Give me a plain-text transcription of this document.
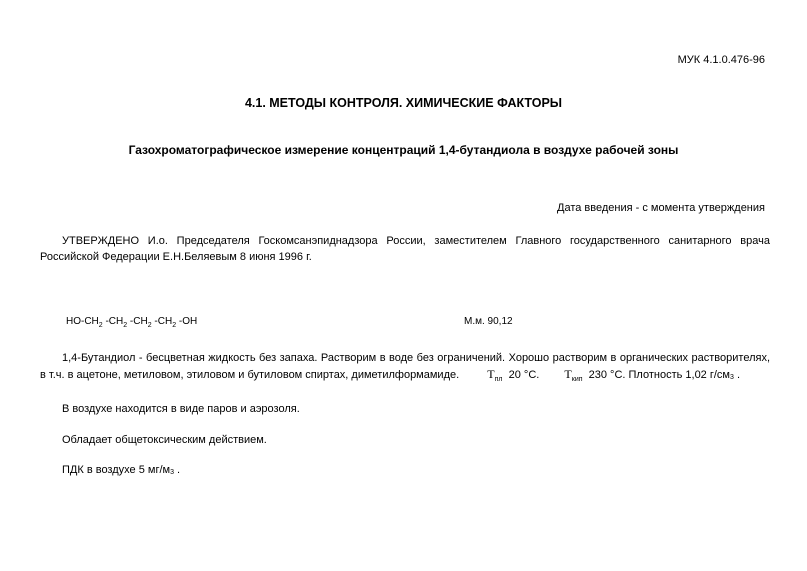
МУК 4.1.0.476-96
4.1. МЕТОДЫ КОНТРОЛЯ. ХИМИЧЕСКИЕ ФАКТОРЫ
Газохроматографическое измерение концентраций 1,4-бутандиола в воздухе рабочей зоны
Дата введения - с момента утверждения
УТВЕРЖДЕНО И.о. Председателя Госкомсанэпиднадзора России, заместителем Главного государственного санитарного врача Российской Федерации Е.Н.Беляевым 8 июня 1996 г.
$HO-CH_2$ $-CH_2$ $-CH_2$ $-CH_2$ -OH	М.м. 90,12
1,4-Бутандиол - бесцветная жидкость без запаха. Растворим в воде без ограничений. Хорошо растворим в органических растворителях, в т.ч. в ацетоне, метиловом, этиловом и бутиловом спиртах, диметилформамиде. $T_{пл}$ 20 °С. $T_{кип}$ 230 °С. Плотность 1,02 г/см3 .
В воздухе находится в виде паров и аэрозоля.
Обладает общетоксическим действием.
ПДК в воздухе 5 мг/м3 .
